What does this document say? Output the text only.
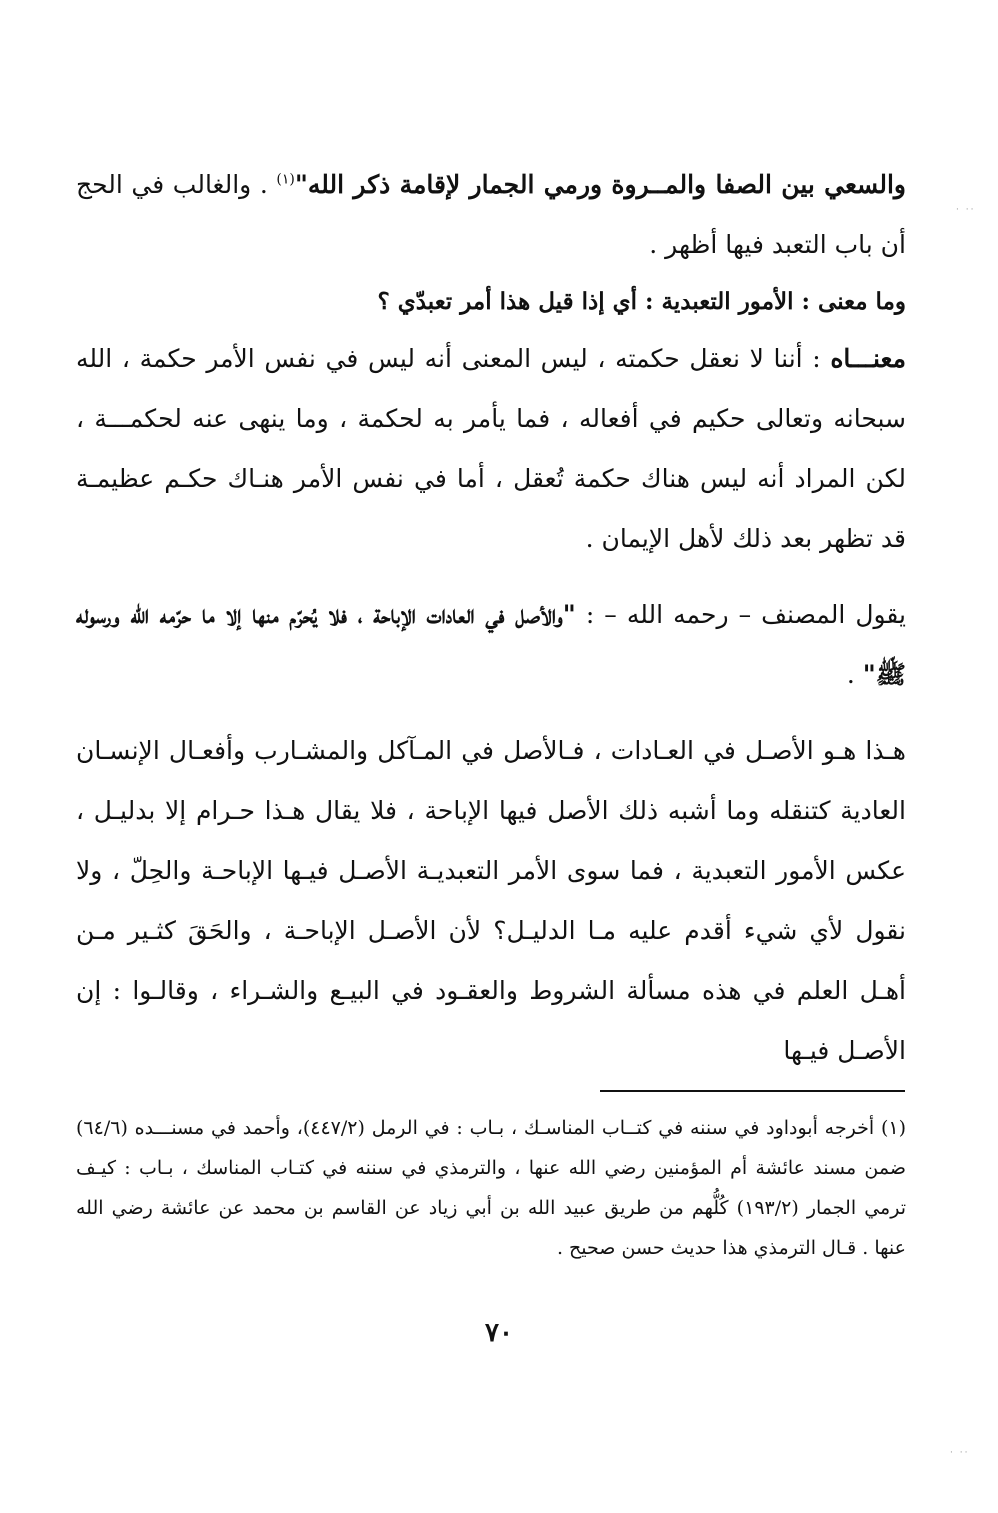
والسعي بين الصفا والمــروة ورمي الجمار لإقامة ذكر الله"$^{(١)}$ . والغالب في الحج أن باب التعبد فيها أظهر .

وما معنى : الأمور التعبدية : أي إذا قيل هذا أمر تعبدّي ؟

معنـــاه : أننا لا نعقل حكمته ، ليس المعنى أنه ليس في نفس الأمر حكمة ، الله سبحانه وتعالى حكيم في أفعاله ، فما يأمر به لحكمة ، وما ينهى عنه لحكمـــة ، لكن المراد أنه ليس هناك حكمة تُعقل ، أما في نفس الأمر هنـاك حكـم عظيمـة قد تظهر بعد ذلك لأهل الإيمان .

يقول المصنف – رحمه الله – : "والأصل في العادات الإباحة ، فلا يُحرّم منها إلا ما حرّمه الله ورسوله ﷺ" .

هـذا هـو الأصـل في العـادات ، فـالأصل في المـآكل والمشـارب وأفعـال الإنسـان العادية كتنقله وما أشبه ذلك الأصل فيها الإباحة ، فلا يقال هـذا حـرام إلا بدليـل ، عكس الأمور التعبدية ، فما سوى الأمر التعبديـة الأصـل فيـها الإباحـة والحِلّ ، ولا نقول لأي شيء أقدم عليه مـا الدليـل؟ لأن الأصـل الإباحـة ، والحَقَ كثـير مـن أهـل العلم في هذه مسألة الشروط والعقـود في البيـع والشـراء ، وقالـوا : إن الأصـل فيـها

(١) أخرجه أبوداود في سننه في كتــاب المناسـك ، بـاب : في الرمل (٤٤٧/٢)، وأحمد في مسنـــده (٦٤/٦) ضمن مسند عائشة أم المؤمنين رضي الله عنها ، والترمذي في سننه في كتـاب المناسك ، بـاب : كيـف ترمي الجمار (١٩٣/٢) كُلُّهم من طريق عبيد الله بن أبي زياد عن القاسم بن محمد عن عائشة رضي الله عنها . قـال الترمذي هذا حديث حسن صحيح .
٧٠
·· ·
·· ·
